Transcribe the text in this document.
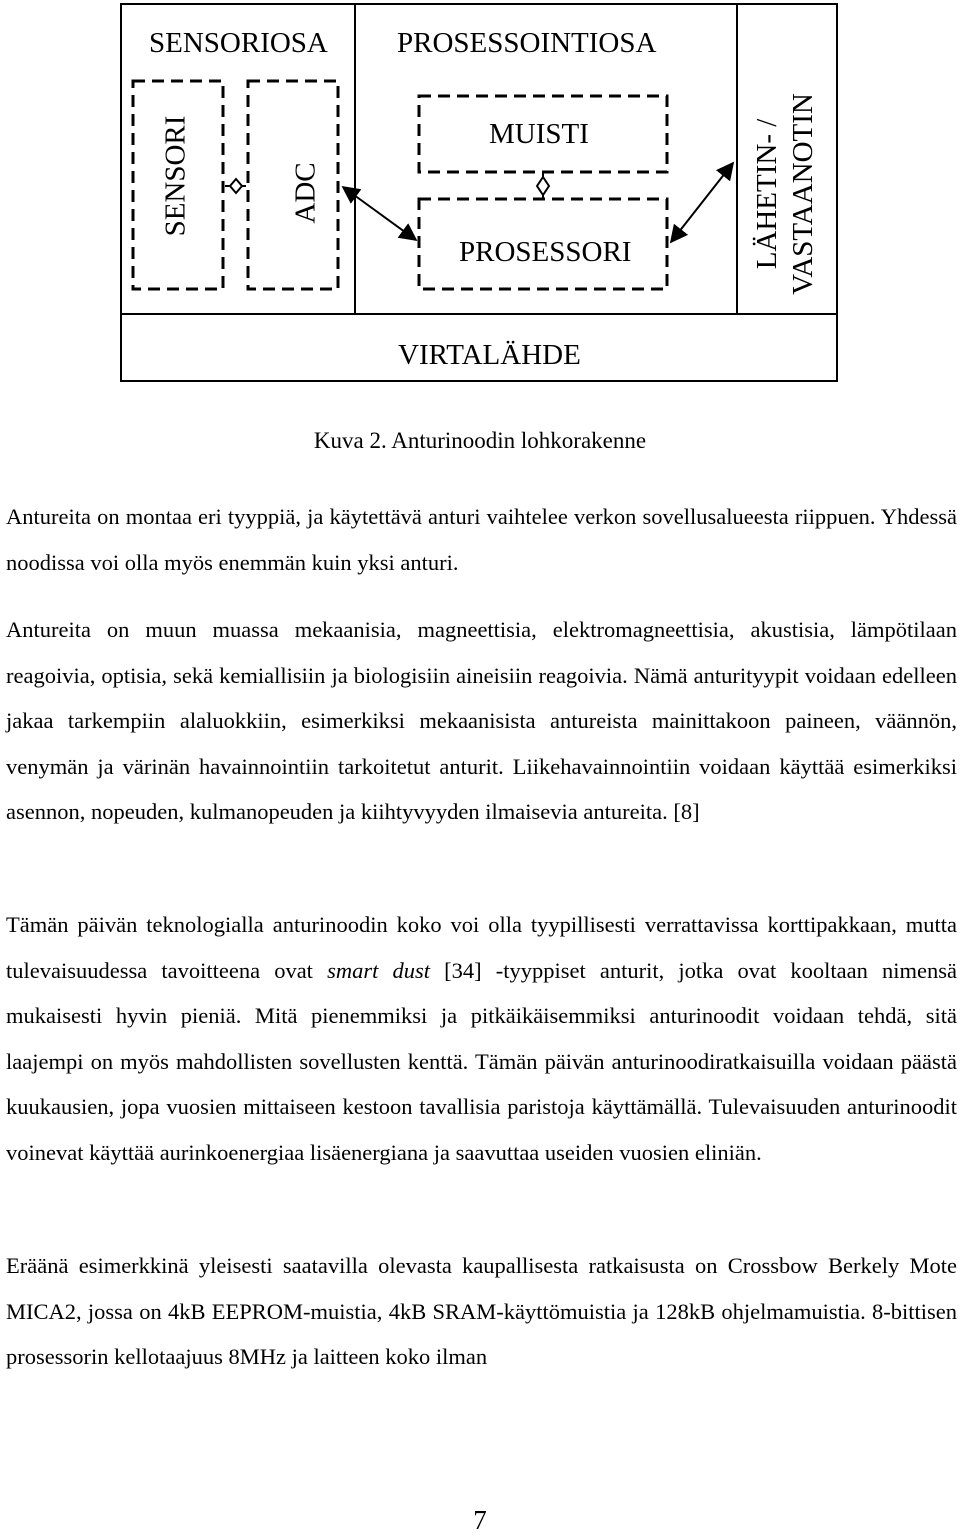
SENSORIOSA PROSESSOINTIOSA
SENSORI	ADC
MUISTI
PROSESSORI	LÄHETIN- / VASTAANOTIN
VIRTALÄHDE
Kuva 2. Anturinoodin lohkorakenne

Antureita on montaa eri tyyppiä, ja käytettävä anturi vaihtelee verkon sovellusalueesta riippuen. Yhdessä noodissa voi olla myös enemmän kuin yksi anturi.

Antureita on muun muassa mekaanisia, magneettisia, elektromagneettisia, akustisia, lämpötilaan reagoivia, optisia, sekä kemiallisiin ja biologisiin aineisiin reagoivia. Nämä anturityypit voidaan edelleen jakaa tarkempiin alaluokkiin, esimerkiksi mekaanisista antureista mainittakoon paineen, väännön, venymän ja värinän havainnointiin tarkoitetut anturit. Liikehavainnointiin voidaan käyttää esimerkiksi asennon, nopeuden, kulmanopeuden ja kiihtyvyyden ilmaisevia antureita. [8]

Tämän päivän teknologialla anturinoodin koko voi olla tyypillisesti verrattavissa korttipakkaan, mutta tulevaisuudessa tavoitteena ovat smart dust [34] -tyyppiset anturit, jotka ovat kooltaan nimensä mukaisesti hyvin pieniä. Mitä pienemmiksi ja pitkäikäisemmiksi anturinoodit voidaan tehdä, sitä laajempi on myös mahdollisten sovellusten kenttä. Tämän päivän anturinoodiratkaisuilla voidaan päästä kuukausien, jopa vuosien mittaiseen kestoon tavallisia paristoja käyttämällä. Tulevaisuuden anturinoodit voinevat käyttää aurinkoenergiaa lisäenergiana ja saavuttaa useiden vuosien eliniän.

Eräänä esimerkkinä yleisesti saatavilla olevasta kaupallisesta ratkaisusta on Crossbow Berkely Mote MICA2, jossa on 4kB EEPROM-muistia, 4kB SRAM-käyttömuistia ja 128kB ohjelmamuistia. 8-bittisen prosessorin kellotaajuus 8MHz ja laitteen koko ilman

7
